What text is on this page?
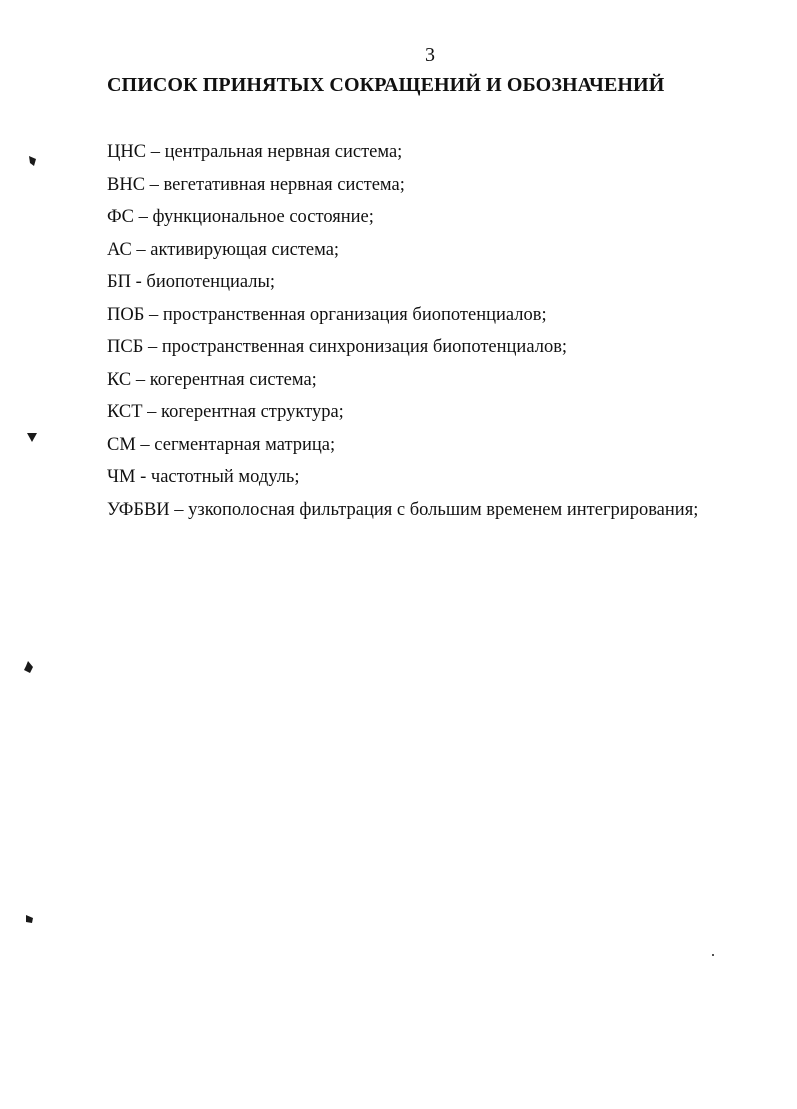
3
СПИСОК ПРИНЯТЫХ СОКРАЩЕНИЙ И ОБОЗНАЧЕНИЙ
ЦНС – центральная нервная система;
ВНС – вегетативная нервная система;
ФС – функциональное состояние;
АС – активирующая система;
БП - биопотенциалы;
ПОБ – пространственная организация биопотенциалов;
ПСБ – пространственная синхронизация биопотенциалов;
КС – когерентная система;
КСТ – когерентная структура;
СМ – сегментарная матрица;
ЧМ - частотный модуль;
УФБВИ – узкополосная фильтрация с большим временем интегрирования;
